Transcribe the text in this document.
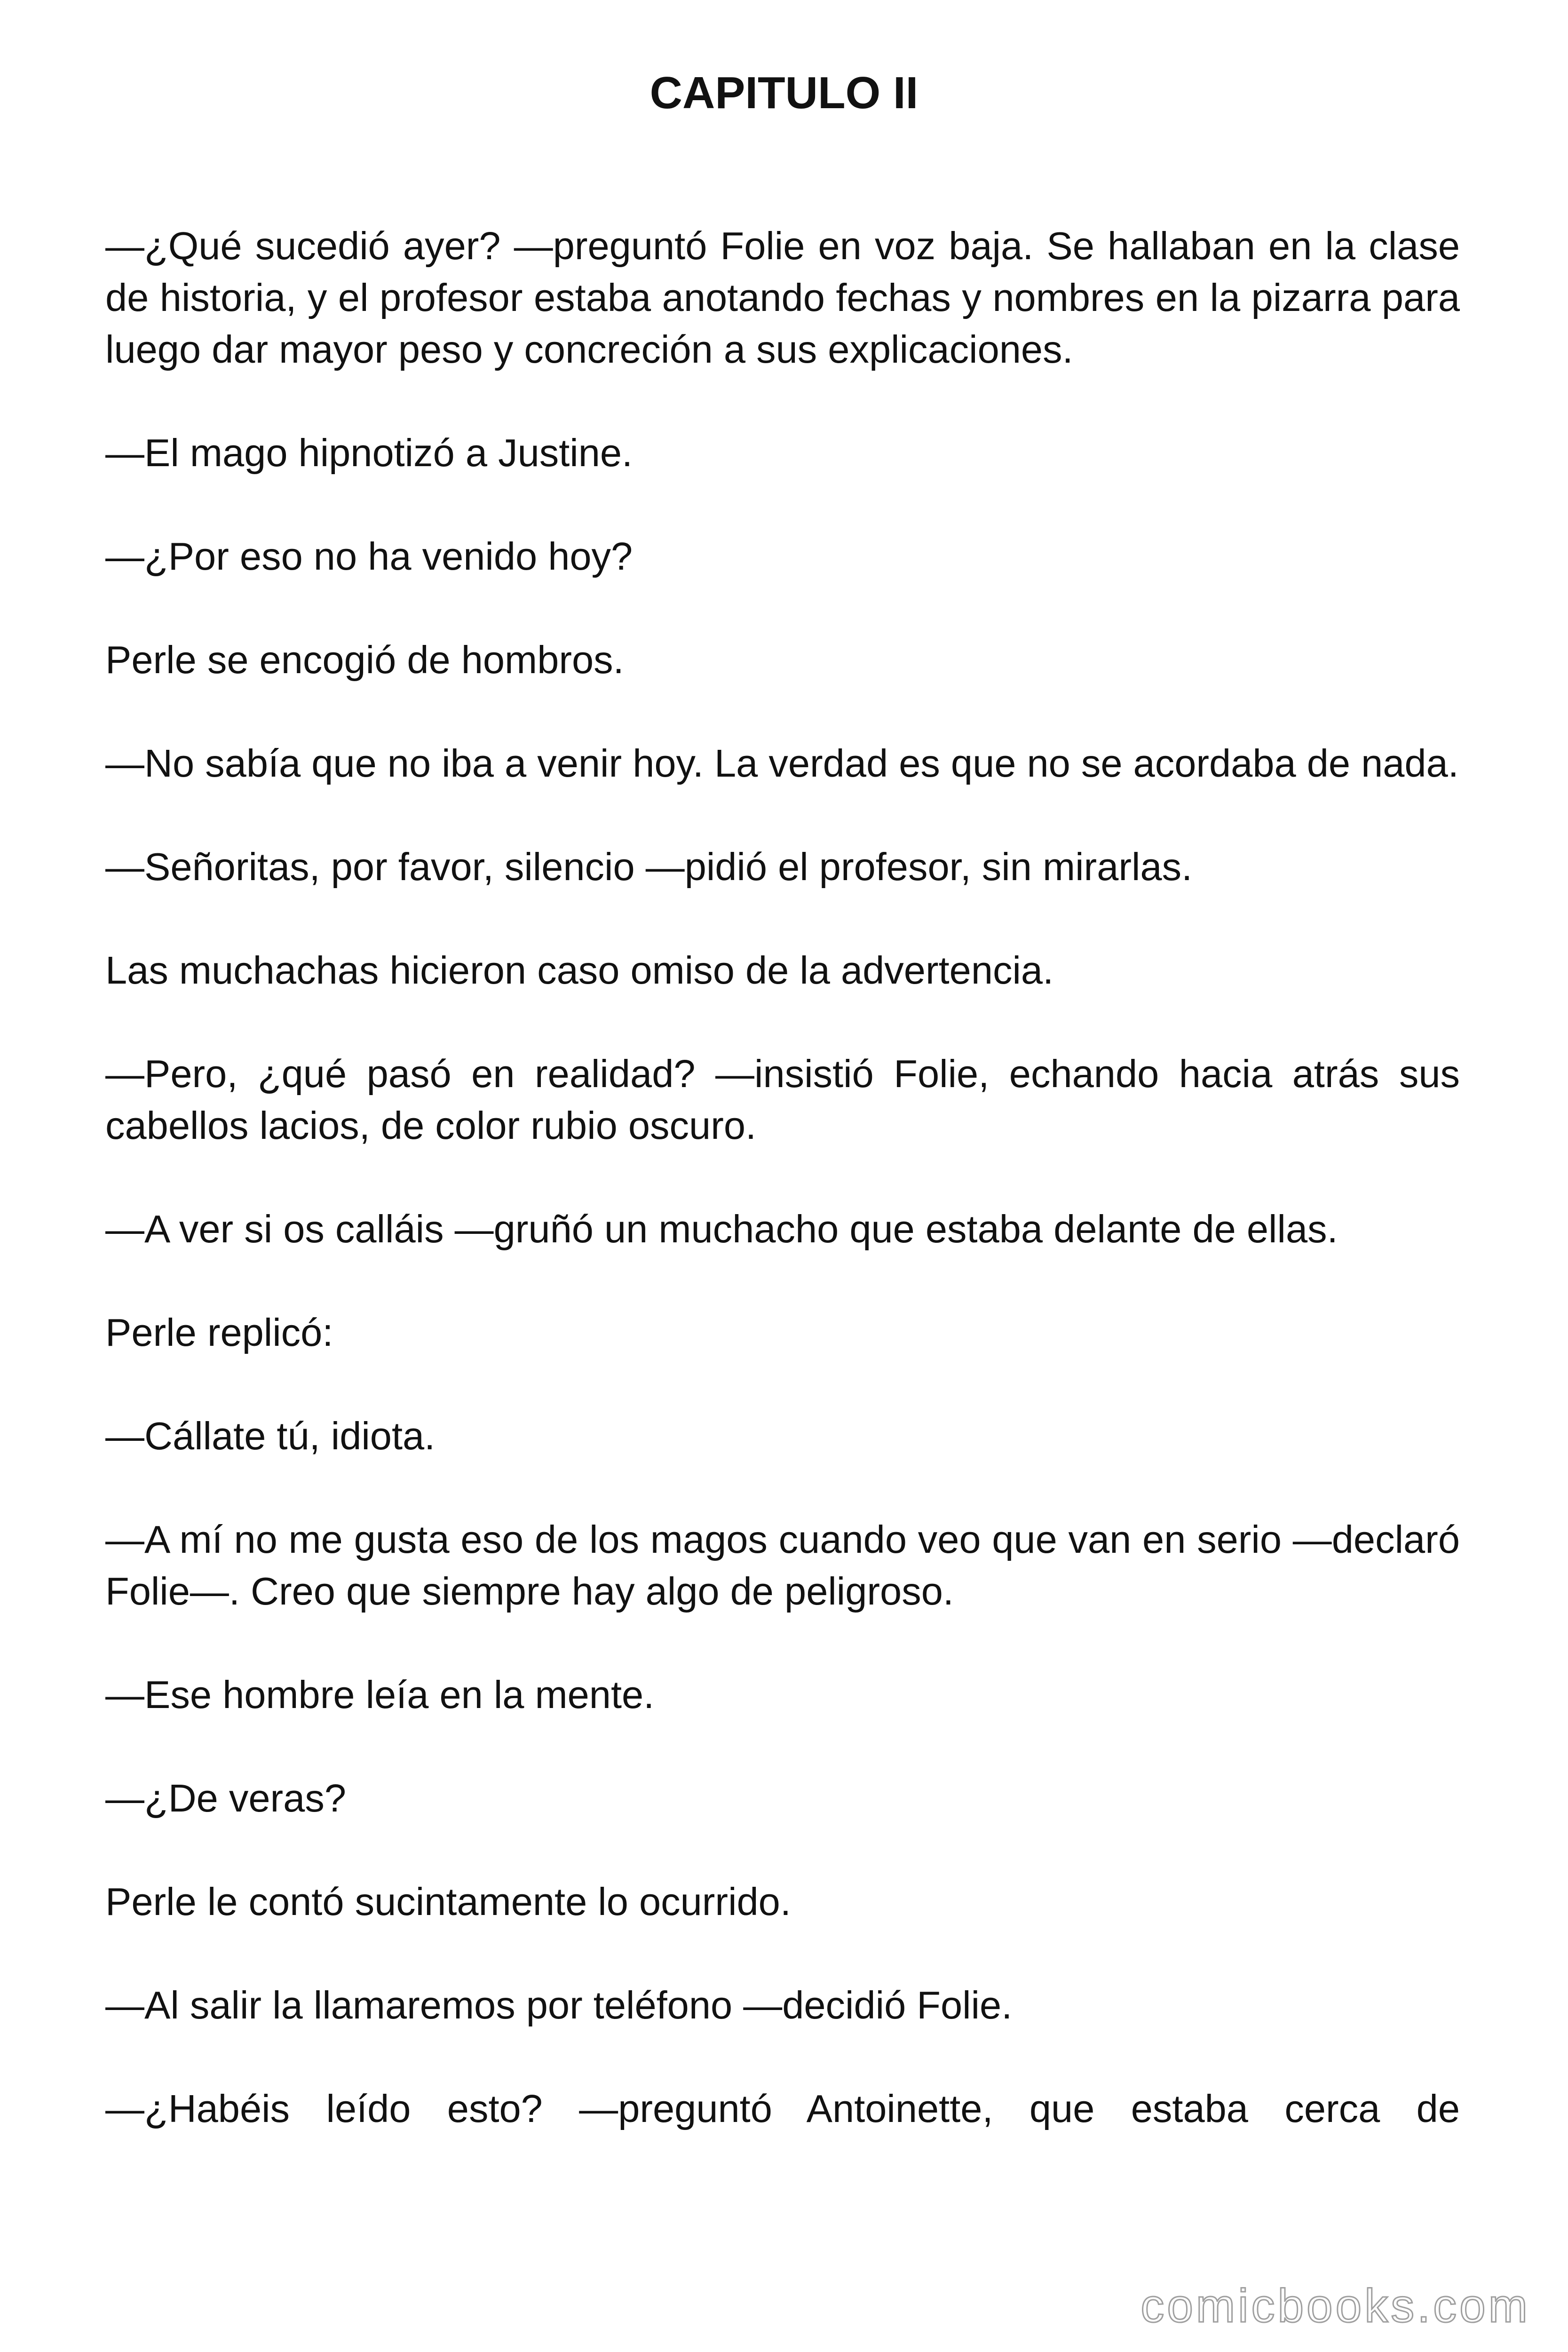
CAPITULO II

—¿Qué sucedió ayer? —preguntó Folie en voz baja. Se hallaban en la clase de historia, y el profesor estaba anotando fechas y nombres en la pizarra para luego dar mayor peso y concreción a sus explicaciones.

—El mago hipnotizó a Justine.

—¿Por eso no ha venido hoy?

Perle se encogió de hombros.

—No sabía que no iba a venir hoy. La verdad es que no se acordaba de nada.

—Señoritas, por favor, silencio —pidió el profesor, sin mirarlas.

Las muchachas hicieron caso omiso de la advertencia.

—Pero, ¿qué pasó en realidad? —insistió Folie, echando hacia atrás sus cabellos lacios, de color rubio oscuro.

—A ver si os calláis —gruñó un muchacho que estaba delante de ellas.

Perle replicó:

—Cállate tú, idiota.

—A mí no me gusta eso de los magos cuando veo que van en serio —declaró Folie—. Creo que siempre hay algo de peligroso.

—Ese hombre leía en la mente.

—¿De veras?

Perle le contó sucintamente lo ocurrido.

—Al salir la llamaremos por teléfono —decidió Folie.

—¿Habéis leído esto? —preguntó Antoinette, que estaba cerca de

comicbooks.com
